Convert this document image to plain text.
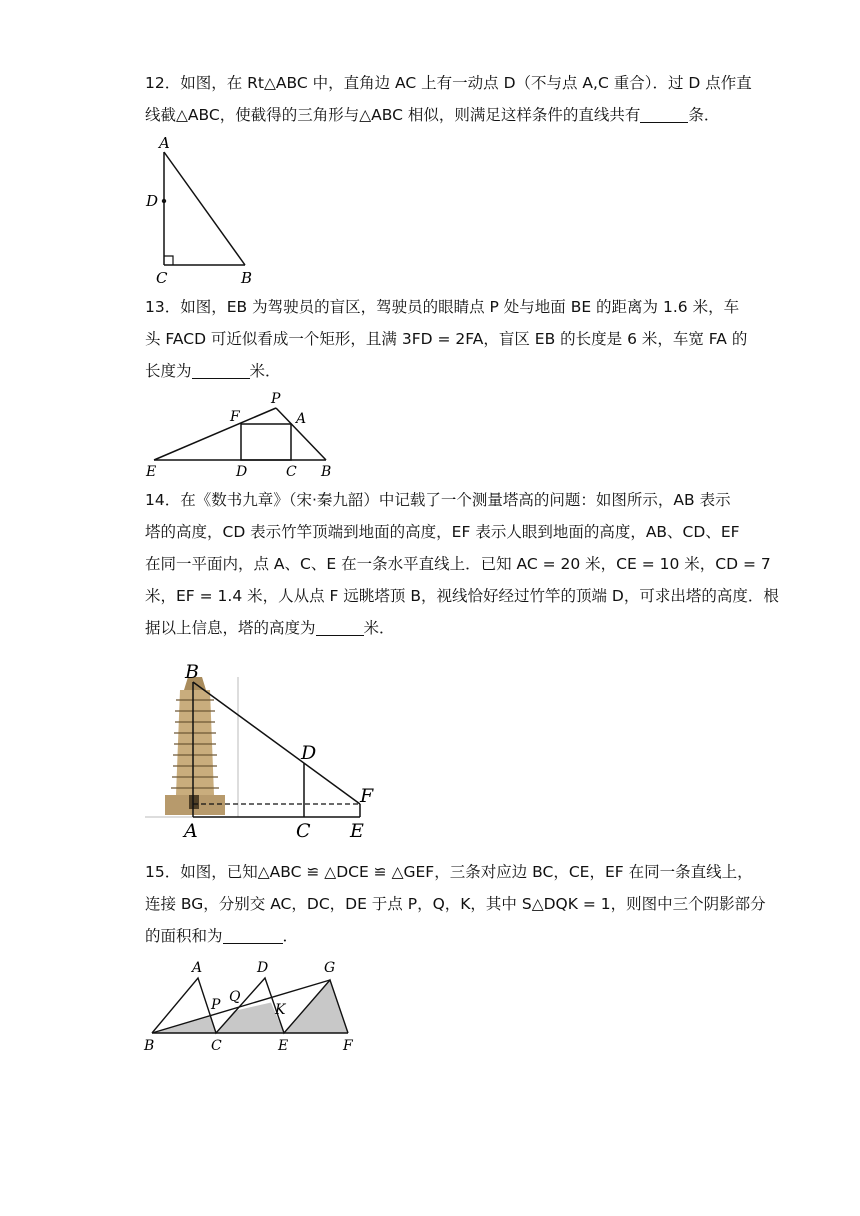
12．如图，在 Rt△ABC 中，直角边 AC 上有一动点 D（不与点 A,C 重合）．过 D 点作直
线截△ABC，使截得的三角形与△ABC 相似，则满足这样条件的直线共有	条．
A
D
C	B
13．如图，EB 为驾驶员的盲区，驾驶员的眼睛点 P 处与地面 BE 的距离为 1.6 米，车
头 FACD 可近似看成一个矩形，且满 3FD = 2FA，盲区 EB 的长度是 6 米，车宽 FA 的
长度为	米．
P
F	A
E	D	C B
14．在《数书九章》（宋·秦九韶）中记载了一个测量塔高的问题：如图所示，AB 表示
塔的高度，CD 表示竹竿顶端到地面的高度，EF 表示人眼到地面的高度，AB、CD、EF
在同一平面内，点 A、C、E 在一条水平直线上．已知 AC = 20 米，CE = 10 米，CD = 7
米，EF = 1.4 米，人从点 F 远眺塔顶 B，视线恰好经过竹竿的顶端 D，可求出塔的高度．根
据以上信息，塔的高度为	米．
B
D
F
A	C E
15．如图，已知△ABC ≌ △DCE ≌ △GEF，三条对应边 BC，CE，EF 在同一条直线上，
连接 BG，分别交 AC，DC，DE 于点 P，Q，K，其中 S△DQK = 1，则图中三个阴影部分
的面积和为	．
A	D	G
P Q
K
B	C	E	F
